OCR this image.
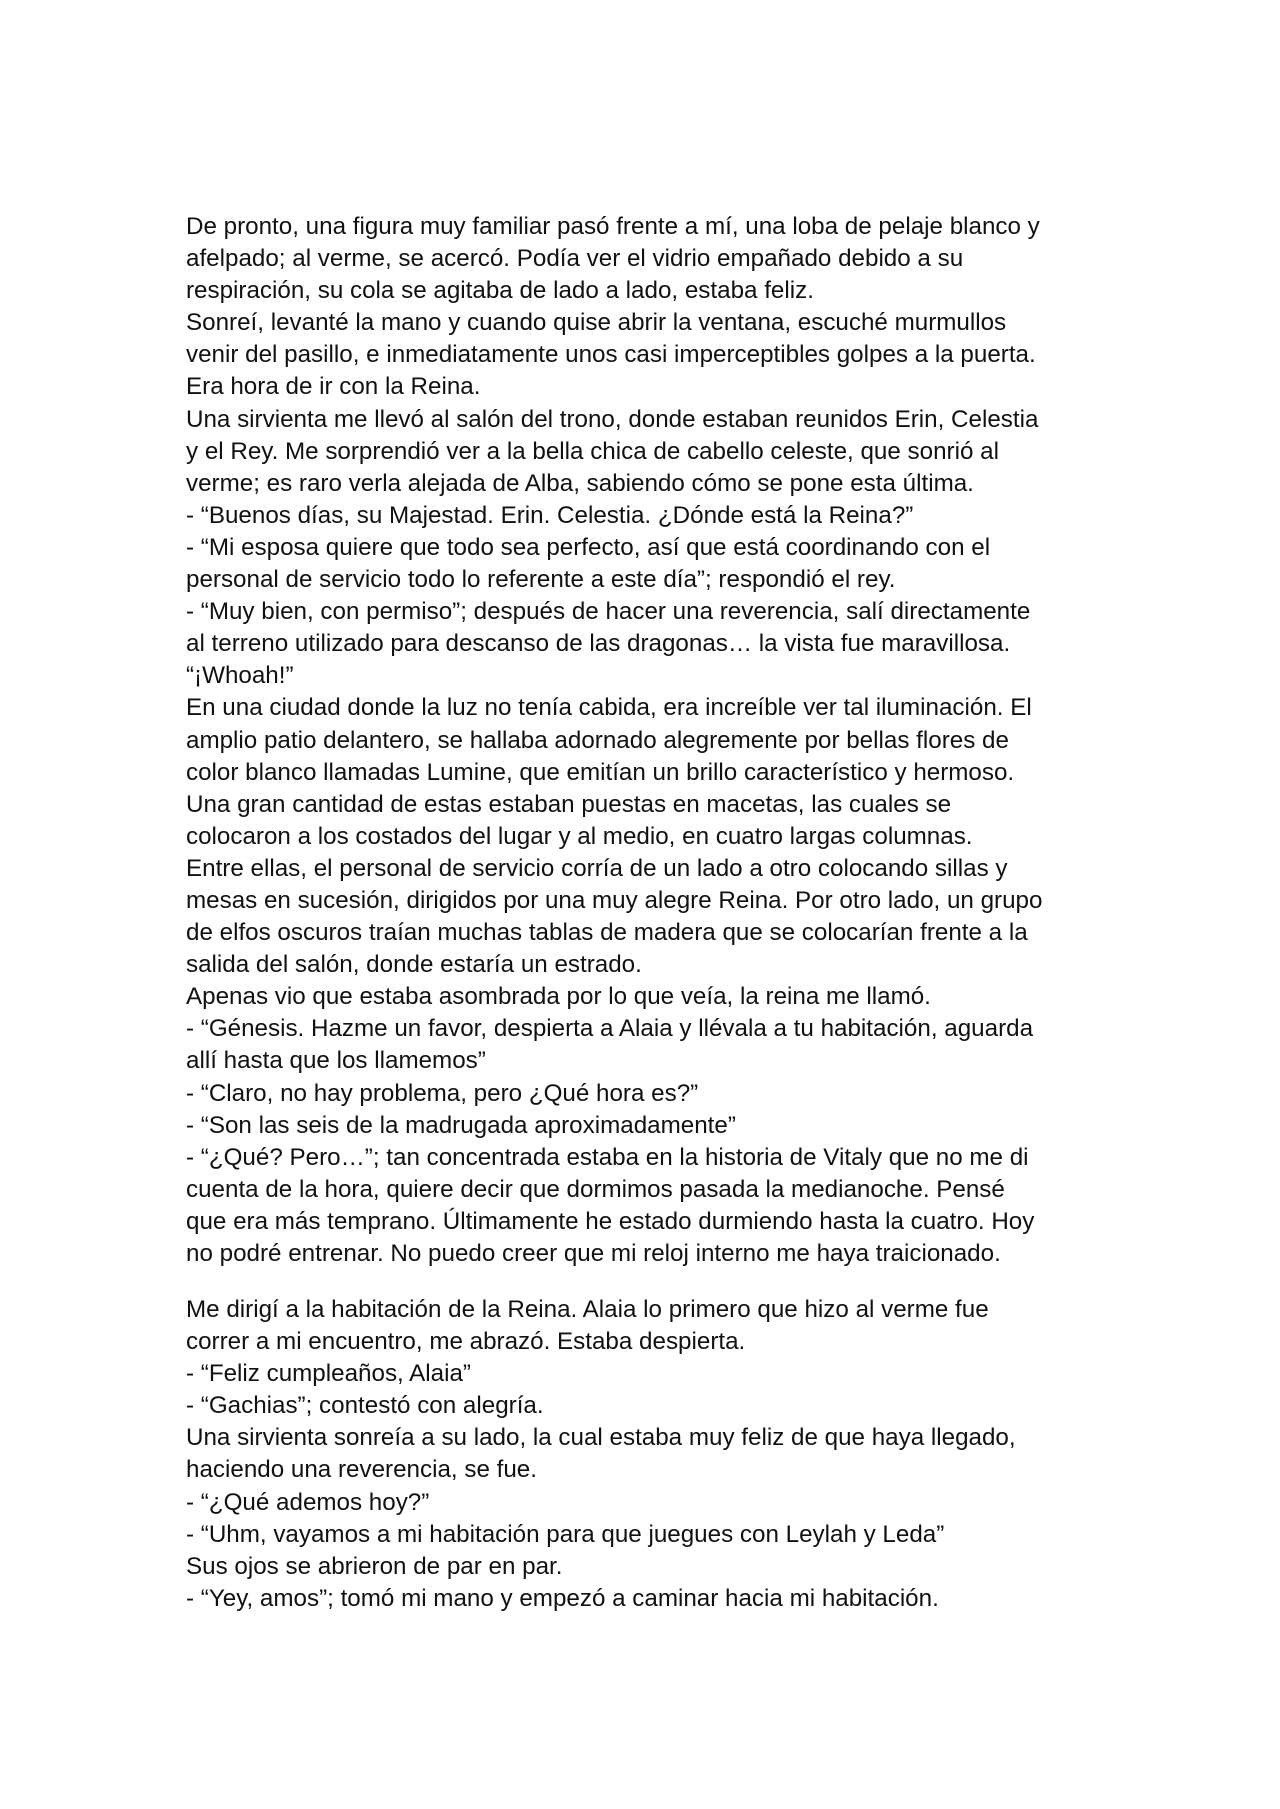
De pronto, una figura muy familiar pasó frente a mí, una loba de pelaje blanco y
afelpado; al verme, se acercó. Podía ver el vidrio empañado debido a su
respiración, su cola se agitaba de lado a lado, estaba feliz.
Sonreí, levanté la mano y cuando quise abrir la ventana, escuché murmullos
venir del pasillo, e inmediatamente unos casi imperceptibles golpes a la puerta.
Era hora de ir con la Reina.
Una sirvienta me llevó al salón del trono, donde estaban reunidos Erin, Celestia
y el Rey. Me sorprendió ver a la bella chica de cabello celeste, que sonrió al
verme; es raro verla alejada de Alba, sabiendo cómo se pone esta última.
- “Buenos días, su Majestad. Erin. Celestia. ¿Dónde está la Reina?”
- “Mi esposa quiere que todo sea perfecto, así que está coordinando con el
personal de servicio todo lo referente a este día”; respondió el rey.
- “Muy bien, con permiso”; después de hacer una reverencia, salí directamente
al terreno utilizado para descanso de las dragonas… la vista fue maravillosa.
“¡Whoah!”
En una ciudad donde la luz no tenía cabida, era increíble ver tal iluminación. El
amplio patio delantero, se hallaba adornado alegremente por bellas flores de
color blanco llamadas Lumine, que emitían un brillo característico y hermoso.
Una gran cantidad de estas estaban puestas en macetas, las cuales se
colocaron a los costados del lugar y al medio, en cuatro largas columnas.
Entre ellas, el personal de servicio corría de un lado a otro colocando sillas y
mesas en sucesión, dirigidos por una muy alegre Reina. Por otro lado, un grupo
de elfos oscuros traían muchas tablas de madera que se colocarían frente a la
salida del salón, donde estaría un estrado.
Apenas vio que estaba asombrada por lo que veía, la reina me llamó.
- “Génesis. Hazme un favor, despierta a Alaia y llévala a tu habitación, aguarda
allí hasta que los llamemos”
- “Claro, no hay problema, pero ¿Qué hora es?”
- “Son las seis de la madrugada aproximadamente”
- “¿Qué? Pero…”; tan concentrada estaba en la historia de Vitaly que no me di
cuenta de la hora, quiere decir que dormimos pasada la medianoche. Pensé
que era más temprano. Últimamente he estado durmiendo hasta la cuatro. Hoy
no podré entrenar. No puedo creer que mi reloj interno me haya traicionado.
Me dirigí a la habitación de la Reina. Alaia lo primero que hizo al verme fue
correr a mi encuentro, me abrazó. Estaba despierta.
- “Feliz cumpleaños, Alaia”
- “Gachias”; contestó con alegría.
Una sirvienta sonreía a su lado, la cual estaba muy feliz de que haya llegado,
haciendo una reverencia, se fue.
- “¿Qué ademos hoy?”
- “Uhm, vayamos a mi habitación para que juegues con Leylah y Leda”
Sus ojos se abrieron de par en par.
- “Yey, amos”; tomó mi mano y empezó a caminar hacia mi habitación.
